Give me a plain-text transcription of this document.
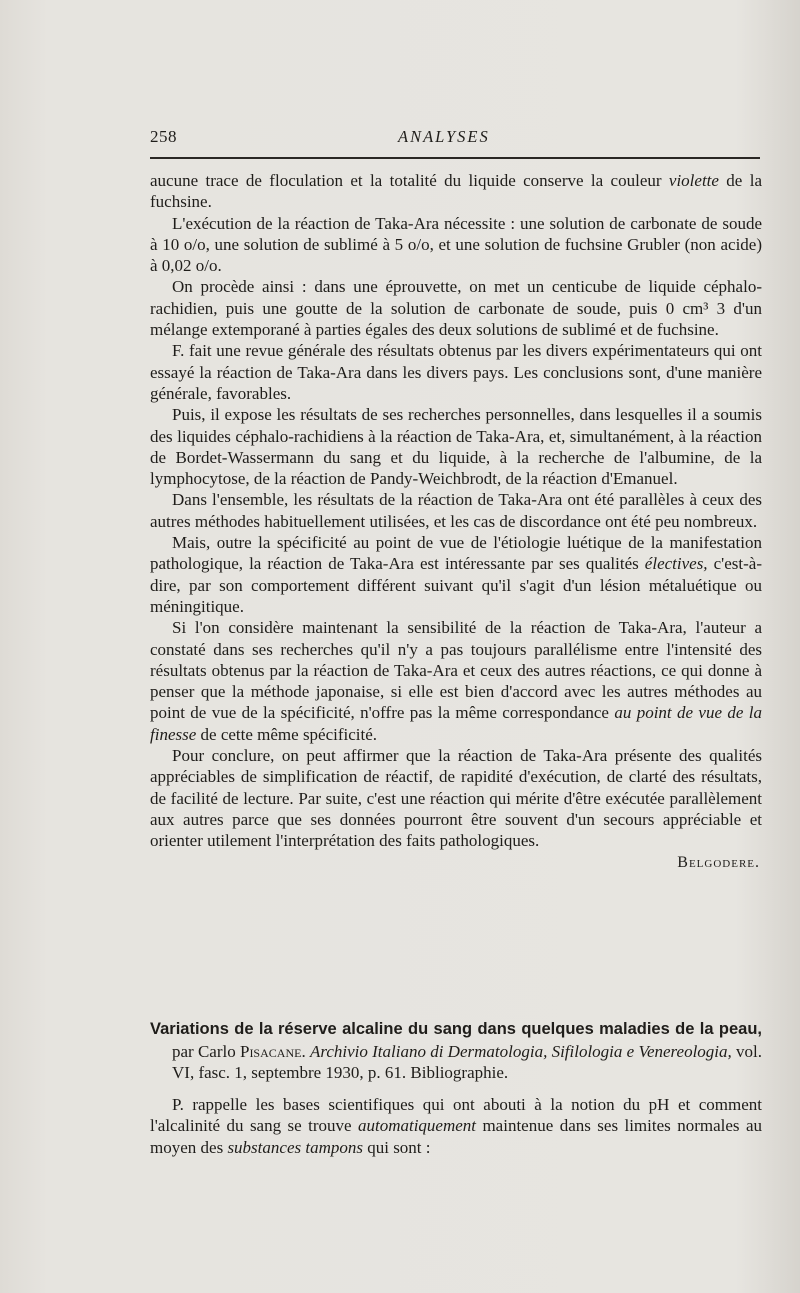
258	ANALYSES

aucune trace de floculation et la totalité du liquide conserve la couleur violette de la fuchsine.

L'exécution de la réaction de Taka-Ara nécessite : une solution de carbonate de soude à 10 o/o, une solution de sublimé à 5 o/o, et une solution de fuchsine Grubler (non acide) à 0,02 o/o.

On procède ainsi : dans une éprouvette, on met un centicube de liquide céphalo-rachidien, puis une goutte de la solution de carbonate de soude, puis 0 cm³ 3 d'un mélange extemporané à parties égales des deux solutions de sublimé et de fuchsine.

F. fait une revue générale des résultats obtenus par les divers expérimentateurs qui ont essayé la réaction de Taka-Ara dans les divers pays. Les conclusions sont, d'une manière générale, favorables.

Puis, il expose les résultats de ses recherches personnelles, dans lesquelles il a soumis des liquides céphalo-rachidiens à la réaction de Taka-Ara, et, simultanément, à la réaction de Bordet-Wassermann du sang et du liquide, à la recherche de l'albumine, de la lymphocytose, de la réaction de Pandy-Weichbrodt, de la réaction d'Emanuel.

Dans l'ensemble, les résultats de la réaction de Taka-Ara ont été parallèles à ceux des autres méthodes habituellement utilisées, et les cas de discordance ont été peu nombreux.

Mais, outre la spécificité au point de vue de l'étiologie luétique de la manifestation pathologique, la réaction de Taka-Ara est intéressante par ses qualités électives, c'est-à-dire, par son comportement différent suivant qu'il s'agit d'un lésion métaluétique ou méningitique.

Si l'on considère maintenant la sensibilité de la réaction de Taka-Ara, l'auteur a constaté dans ses recherches qu'il n'y a pas toujours parallélisme entre l'intensité des résultats obtenus par la réaction de Taka-Ara et ceux des autres réactions, ce qui donne à penser que la méthode japonaise, si elle est bien d'accord avec les autres méthodes au point de vue de la spécificité, n'offre pas la même correspondance au point de vue de la finesse de cette même spécificité.

Pour conclure, on peut affirmer que la réaction de Taka-Ara présente des qualités appréciables de simplification de réactif, de rapidité d'exécution, de clarté des résultats, de facilité de lecture. Par suite, c'est une réaction qui mérite d'être exécutée parallèlement aux autres parce que ses données pourront être souvent d'un secours appréciable et orienter utilement l'interprétation des faits pathologiques.

Belgodere.

Variations de la réserve alcaline du sang dans quelques maladies de la peau, par Carlo Pisacane. Archivio Italiano di Dermatologia, Sifilologia e Venereologia, vol. VI, fasc. 1, septembre 1930, p. 61. Bibliographie.

P. rappelle les bases scientifiques qui ont abouti à la notion du pH et comment l'alcalinité du sang se trouve automatiquement maintenue dans ses limites normales au moyen des substances tampons qui sont :
